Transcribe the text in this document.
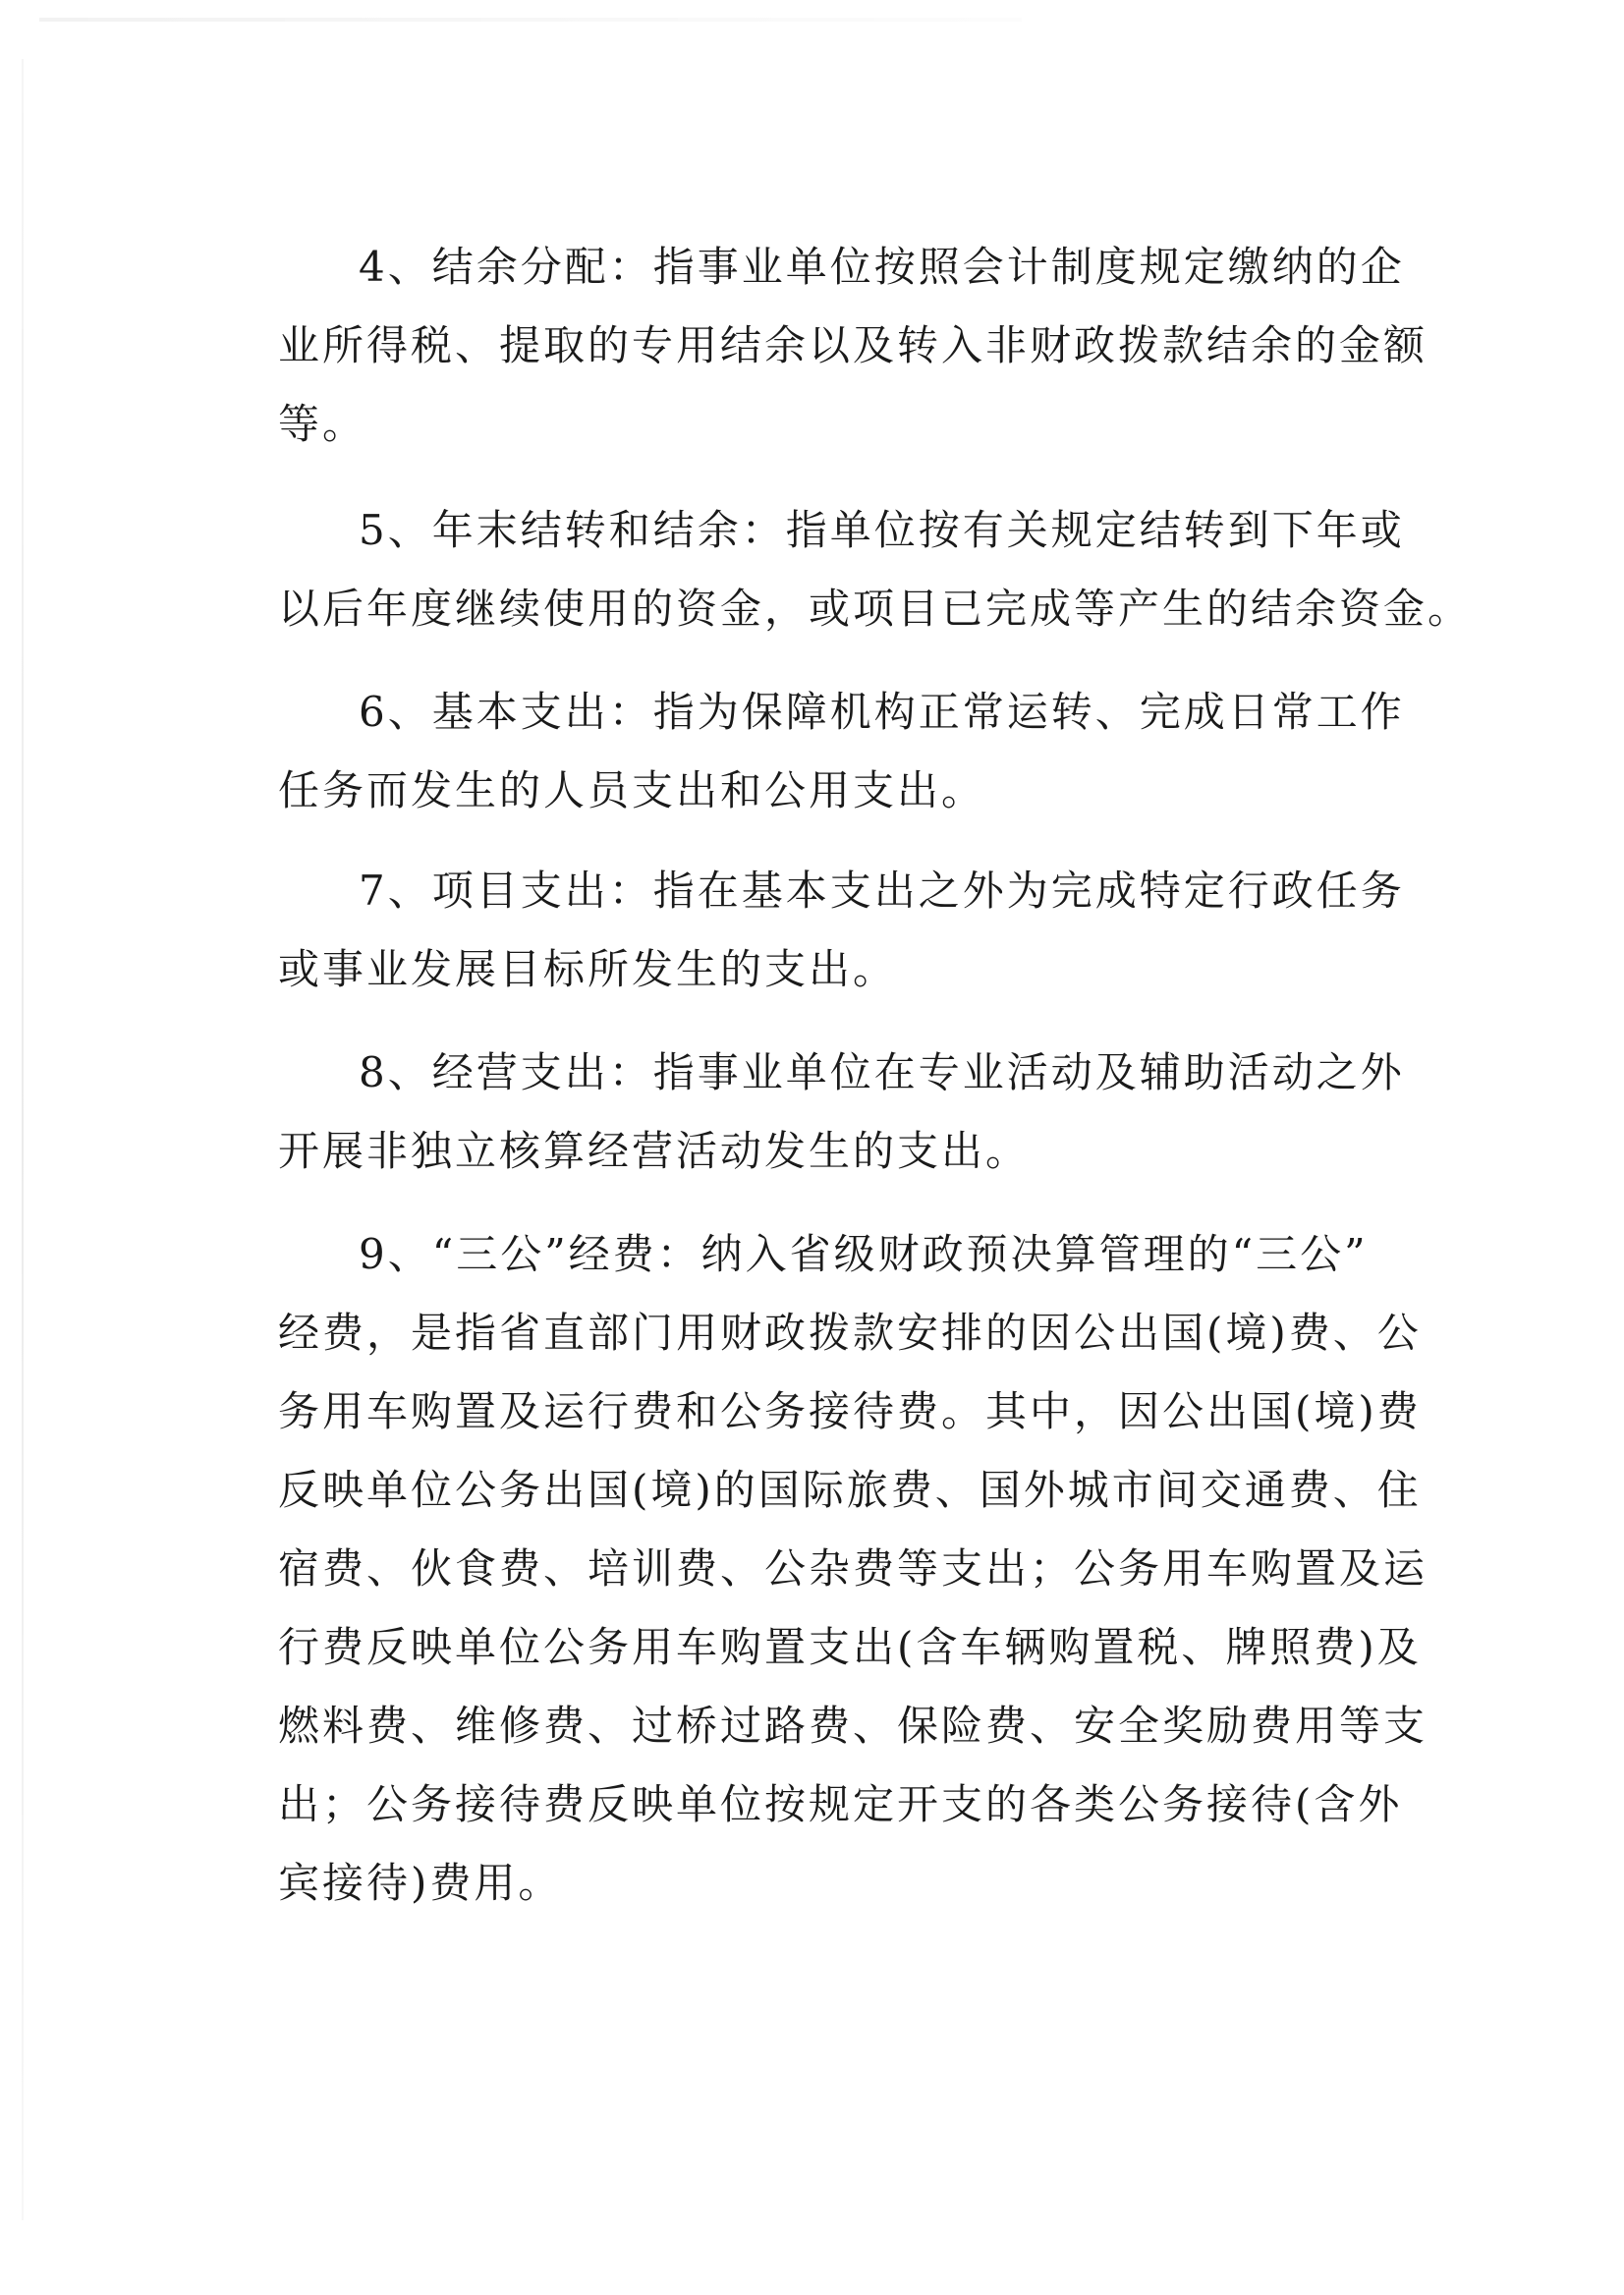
4、结余分配：指事业单位按照会计制度规定缴纳的企
业所得税、提取的专用结余以及转入非财政拨款结余的金额
等。

5、年末结转和结余：指单位按有关规定结转到下年或
以后年度继续使用的资金，或项目已完成等产生的结余资金。

6、基本支出：指为保障机构正常运转、完成日常工作
任务而发生的人员支出和公用支出。

7、项目支出：指在基本支出之外为完成特定行政任务
或事业发展目标所发生的支出。

8、经营支出：指事业单位在专业活动及辅助活动之外
开展非独立核算经营活动发生的支出。

9、“三公”经费：纳入省级财政预决算管理的“三公”
经费，是指省直部门用财政拨款安排的因公出国(境)费、公
务用车购置及运行费和公务接待费。其中，因公出国(境)费
反映单位公务出国(境)的国际旅费、国外城市间交通费、住
宿费、伙食费、培训费、公杂费等支出；公务用车购置及运
行费反映单位公务用车购置支出(含车辆购置税、牌照费)及
燃料费、维修费、过桥过路费、保险费、安全奖励费用等支
出；公务接待费反映单位按规定开支的各类公务接待(含外
宾接待)费用。
